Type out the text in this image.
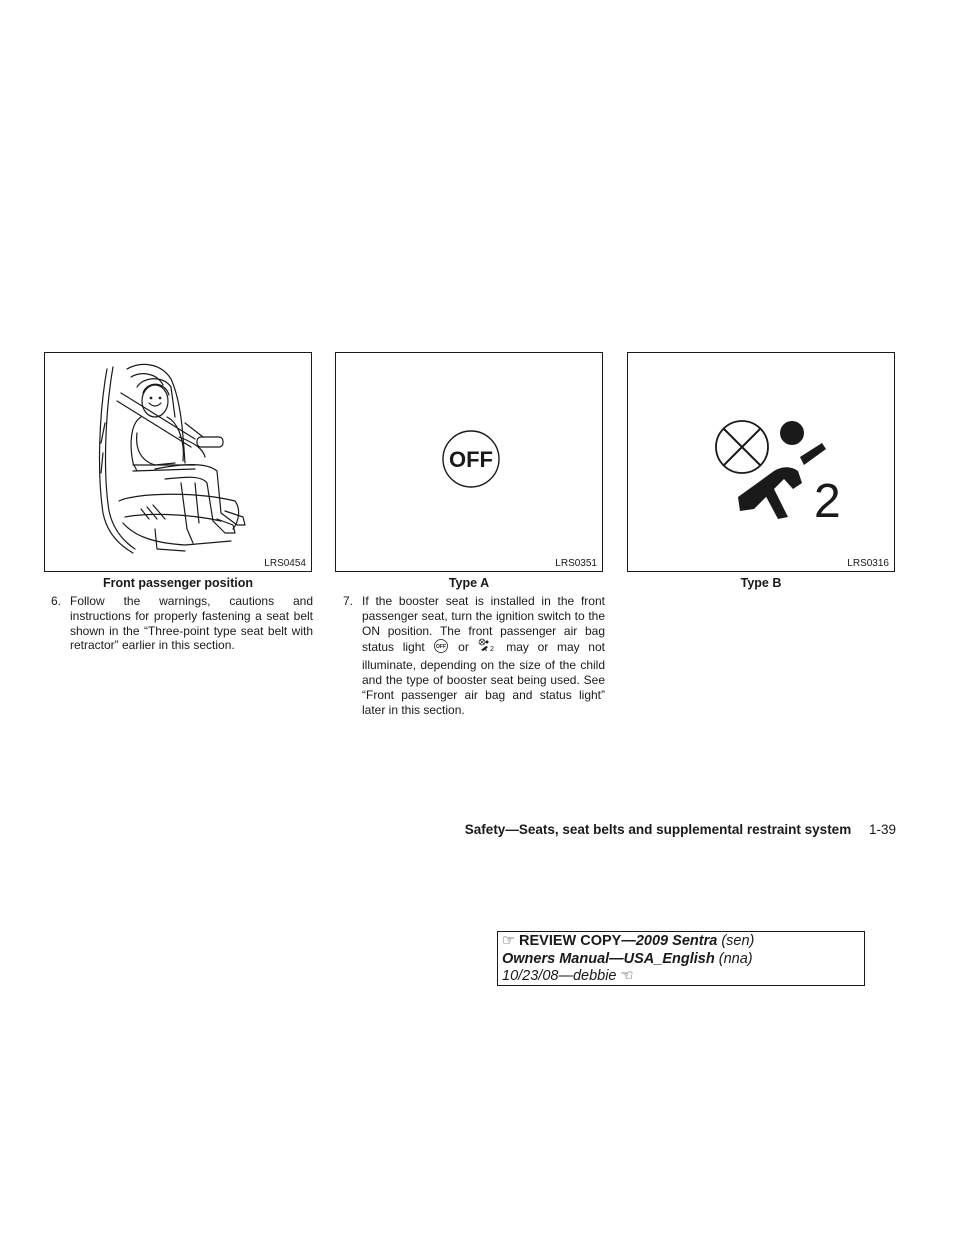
LRS0454
Front passenger position
OFF
LRS0351
Type A
2
LRS0316
Type B
6. Follow the warnings, cautions and instructions for properly fastening a seat belt shown in the “Three-point type seat belt with retractor” earlier in this section.
7. If the booster seat is installed in the front passenger seat, turn the ignition switch to the ON position. The front passenger air bag status light OFF or	2 may or may not illuminate, depending on the size of the child and the type of booster seat being used. See “Front passenger air bag and status light” later in this section.
Safety—Seats, seat belts and supplemental restraint system 1-39
☞ REVIEW COPY—2009 Sentra (sen)
Owners Manual—USA_English (nna)
10/23/08—debbie ☜
